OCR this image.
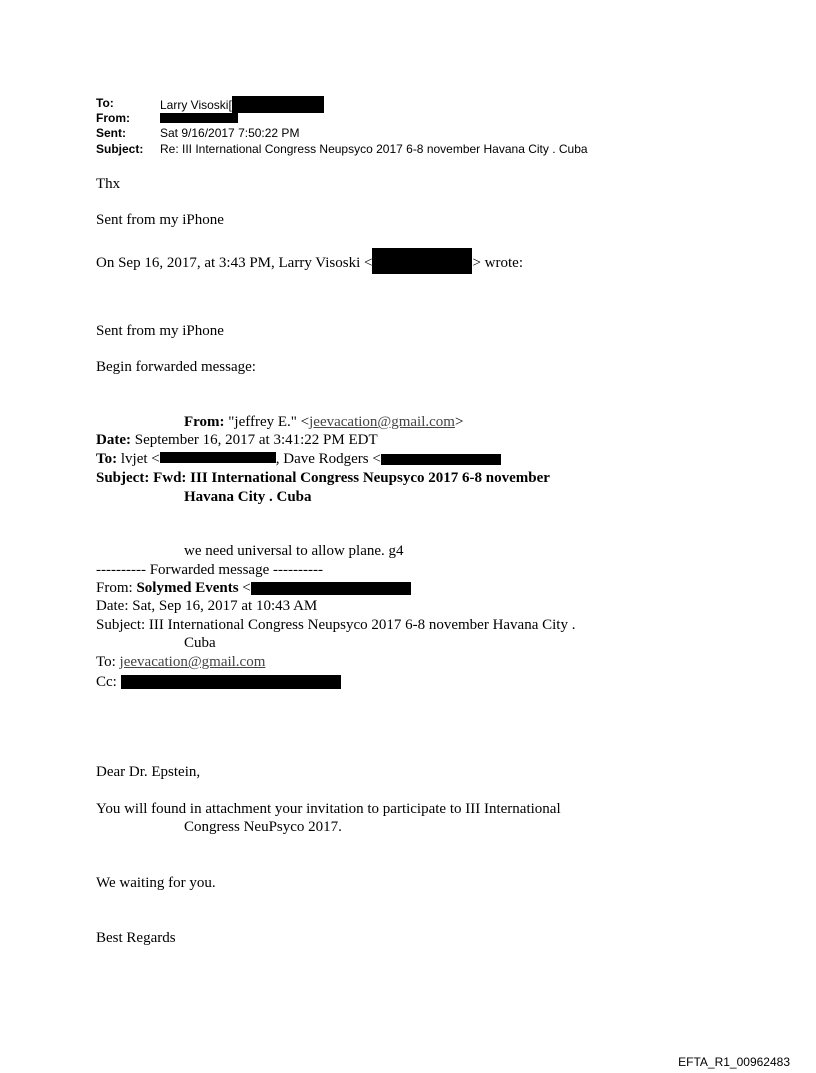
To:	Larry Visoski[
From:
Sent:	Sat 9/16/2017 7:50:22 PM
Subject: Re: III International Congress Neupsyco 2017 6-8 november Havana City . Cuba
Thx
Sent from my iPhone
On Sep 16, 2017, at 3:43 PM, Larry Visoski <	> wrote:
Sent from my iPhone
Begin forwarded message:
From: "jeffrey E." <jeevacation@gmail.com>
Date: September 16, 2017 at 3:41:22 PM EDT
To: lvjet <	, Dave Rodgers <
Subject: Fwd: III International Congress Neupsyco 2017 6-8 november
Havana City . Cuba
we need universal to allow plane. g4
---------- Forwarded message ----------
From: Solymed Events <
Date: Sat, Sep 16, 2017 at 10:43 AM
Subject: III International Congress Neupsyco 2017 6-8 november Havana City .
Cuba
To: jeevacation@gmail.com
Cc:
Dear Dr. Epstein,
You will found in attachment your invitation to participate to III International
Congress NeuPsyco 2017.
We waiting for you.
Best Regards
EFTA_R1_00962483
